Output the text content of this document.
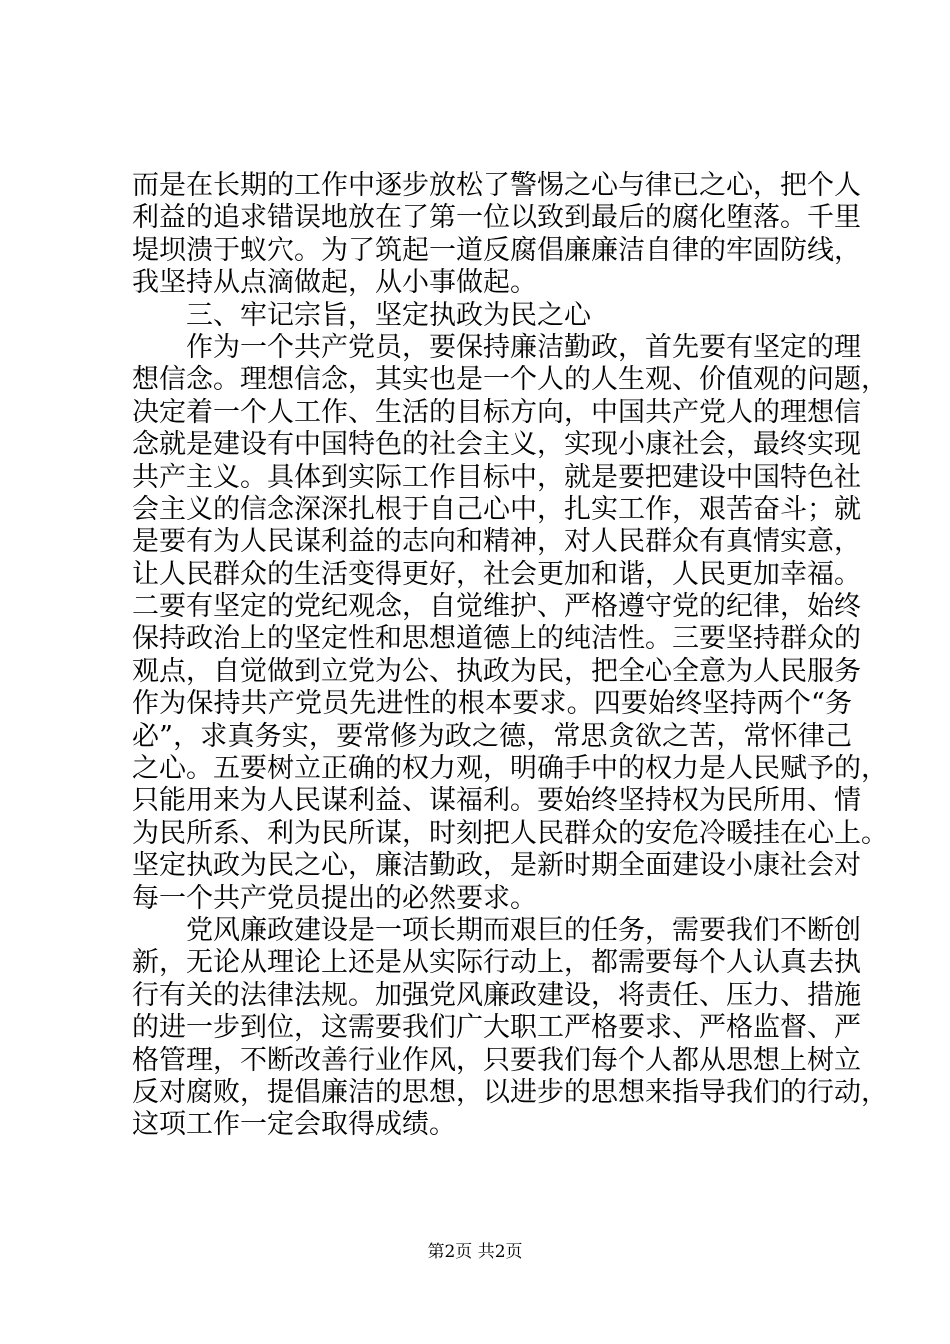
而是在长期的工作中逐步放松了警惕之心与律已之心，把个人
利益的追求错误地放在了第一位以致到最后的腐化堕落。千里
堤坝溃于蚁穴。为了筑起一道反腐倡廉廉洁自律的牢固防线，
我坚持从点滴做起，从小事做起。
三、牢记宗旨，坚定执政为民之心
作为一个共产党员，要保持廉洁勤政，首先要有坚定的理
想信念。理想信念，其实也是一个人的人生观、价值观的问题，
决定着一个人工作、生活的目标方向，中国共产党人的理想信
念就是建设有中国特色的社会主义，实现小康社会，最终实现
共产主义。具体到实际工作目标中，就是要把建设中国特色社
会主义的信念深深扎根于自己心中，扎实工作，艰苦奋斗；就
是要有为人民谋利益的志向和精神，对人民群众有真情实意，
让人民群众的生活变得更好，社会更加和谐，人民更加幸福。
二要有坚定的党纪观念，自觉维护、严格遵守党的纪律，始终
保持政治上的坚定性和思想道德上的纯洁性。三要坚持群众的
观点，自觉做到立党为公、执政为民，把全心全意为人民服务
作为保持共产党员先进性的根本要求。四要始终坚持两个“务
必”，求真务实，要常修为政之德，常思贪欲之苦，常怀律己
之心。五要树立正确的权力观，明确手中的权力是人民赋予的，
只能用来为人民谋利益、谋福利。要始终坚持权为民所用、情
为民所系、利为民所谋，时刻把人民群众的安危冷暖挂在心上。
坚定执政为民之心，廉洁勤政，是新时期全面建设小康社会对
每一个共产党员提出的必然要求。
党风廉政建设是一项长期而艰巨的任务，需要我们不断创
新，无论从理论上还是从实际行动上，都需要每个人认真去执
行有关的法律法规。加强党风廉政建设，将责任、压力、措施
的进一步到位，这需要我们广大职工严格要求、严格监督、严
格管理，不断改善行业作风，只要我们每个人都从思想上树立
反对腐败，提倡廉洁的思想，以进步的思想来指导我们的行动，
这项工作一定会取得成绩。
第2页 共2页
